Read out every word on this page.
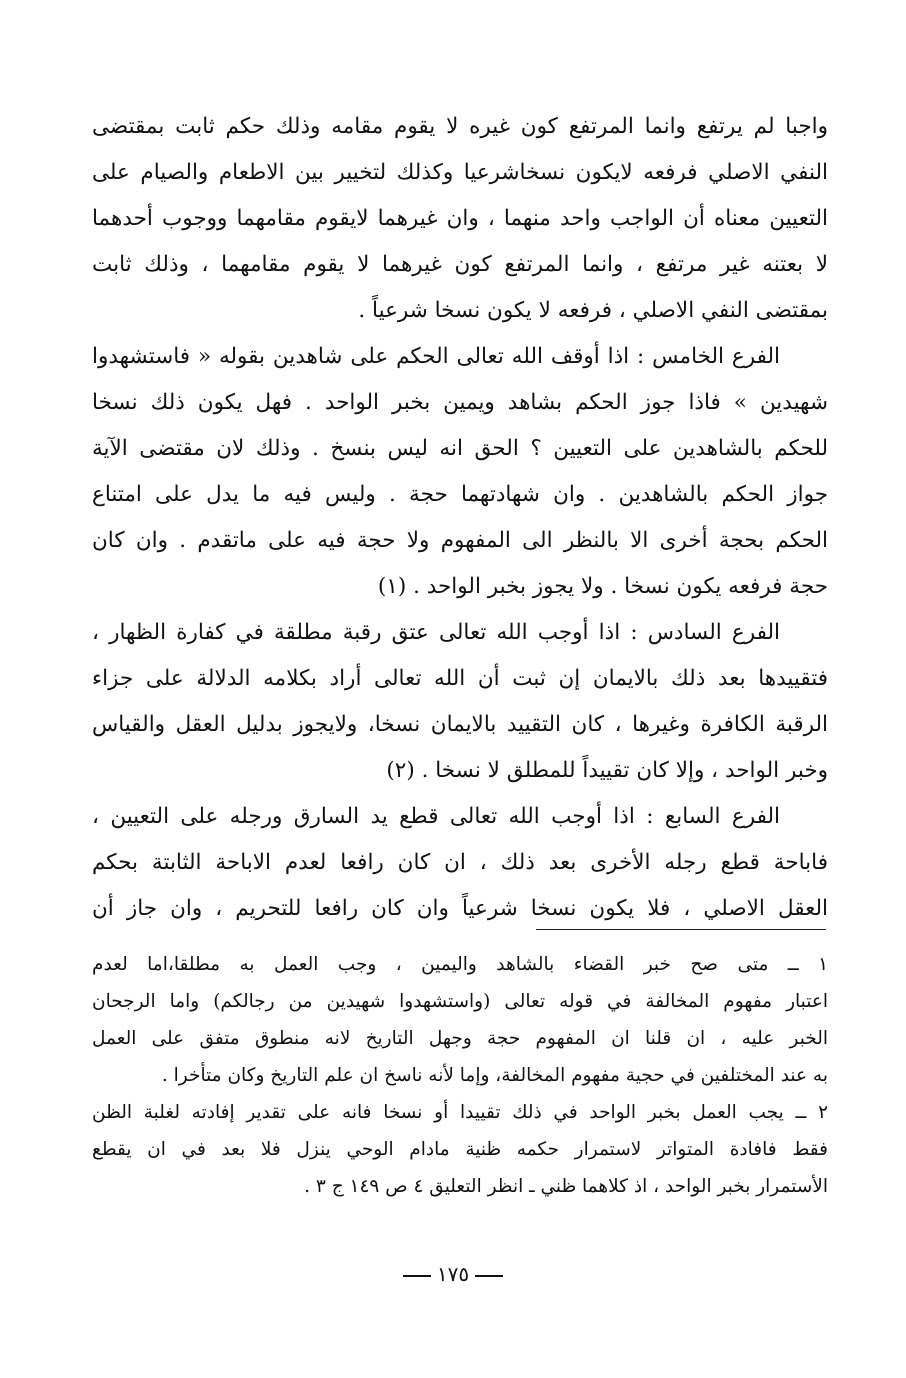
واجبا لم يرتفع وانما المرتفع كون غيره لا يقوم مقامه وذلك حكم ثابت بمقتضى
النفي الاصلي فرفعه لايكون نسخاشرعيا وكذلك لتخيير بين الاطعام والصيام على
التعيين معناه أن الواجب واحد منهما ، وان غيرهما لايقوم مقامهما ووجوب أحدهما
لا بعتنه غير مرتفع ، وانما المرتفع كون غيرهما لا يقوم مقامهما ، وذلك ثابت
بمقتضى النفي الاصلي ، فرفعه لا يكون نسخا شرعياً .
الفرع الخامس : اذا أوقف الله تعالى الحكم على شاهدين بقوله « فاستشهدوا
شهيدين » فاذا جوز الحكم بشاهد ويمين بخبر الواحد . فهل يكون ذلك نسخا
للحكم بالشاهدين على التعيين ؟ الحق انه ليس بنسخ . وذلك لان مقتضى الآية
جواز الحكم بالشاهدين . وان شهادتهما حجة . وليس فيه ما يدل على امتناع
الحكم بحجة أخرى الا بالنظر الى المفهوم ولا حجة فيه على ماتقدم . وان كان
حجة فرفعه يكون نسخا . ولا يجوز بخبر الواحد . (١)
الفرع السادس : اذا أوجب الله تعالى عتق رقبة مطلقة في كفارة الظهار ،
فتقييدها بعد ذلك بالايمان إن ثبت أن الله تعالى أراد بكلامه الدلالة على جزاء
الرقبة الكافرة وغيرها ، كان التقييد بالايمان نسخا، ولايجوز بدليل العقل والقياس
وخبر الواحد ، وإلا كان تقييداً للمطلق لا نسخا . (٢)
الفرع السابع : اذا أوجب الله تعالى قطع يد السارق ورجله على التعيين ،
فاباحة قطع رجله الأخرى بعد ذلك ، ان كان رافعا لعدم الاباحة الثابتة بحكم
العقل الاصلي ، فلا يكون نسخا شرعياً وان كان رافعا للتحريم ، وان جاز أن
١ ــ متى صح خبر القضاء بالشاهد واليمين ، وجب العمل به مطلقا،اما لعدم
اعتبار مفهوم المخالفة في قوله تعالى (واستشهدوا شهيدين من رجالكم) واما الرجحان
الخبر عليه ، ان قلنا ان المفهوم حجة وجهل التاريخ لانه منطوق متفق على العمل
به عند المختلفين في حجية مفهوم المخالفة، وإما لأنه ناسخ ان علم التاريخ وكان متأخرا .
٢ ــ يجب العمل بخبر الواحد في ذلك تقييدا أو نسخا فانه على تقدير إفادته لغلبة الظن
فقط فافادة المتواتر لاستمرار حكمه ظنية مادام الوحي ينزل فلا بعد في ان يقطع
الأستمرار بخبر الواحد ، اذ كلاهما ظني ـ انظر التعليق ٤ ص ١٤٩ ج ٣ .
١٧٥
